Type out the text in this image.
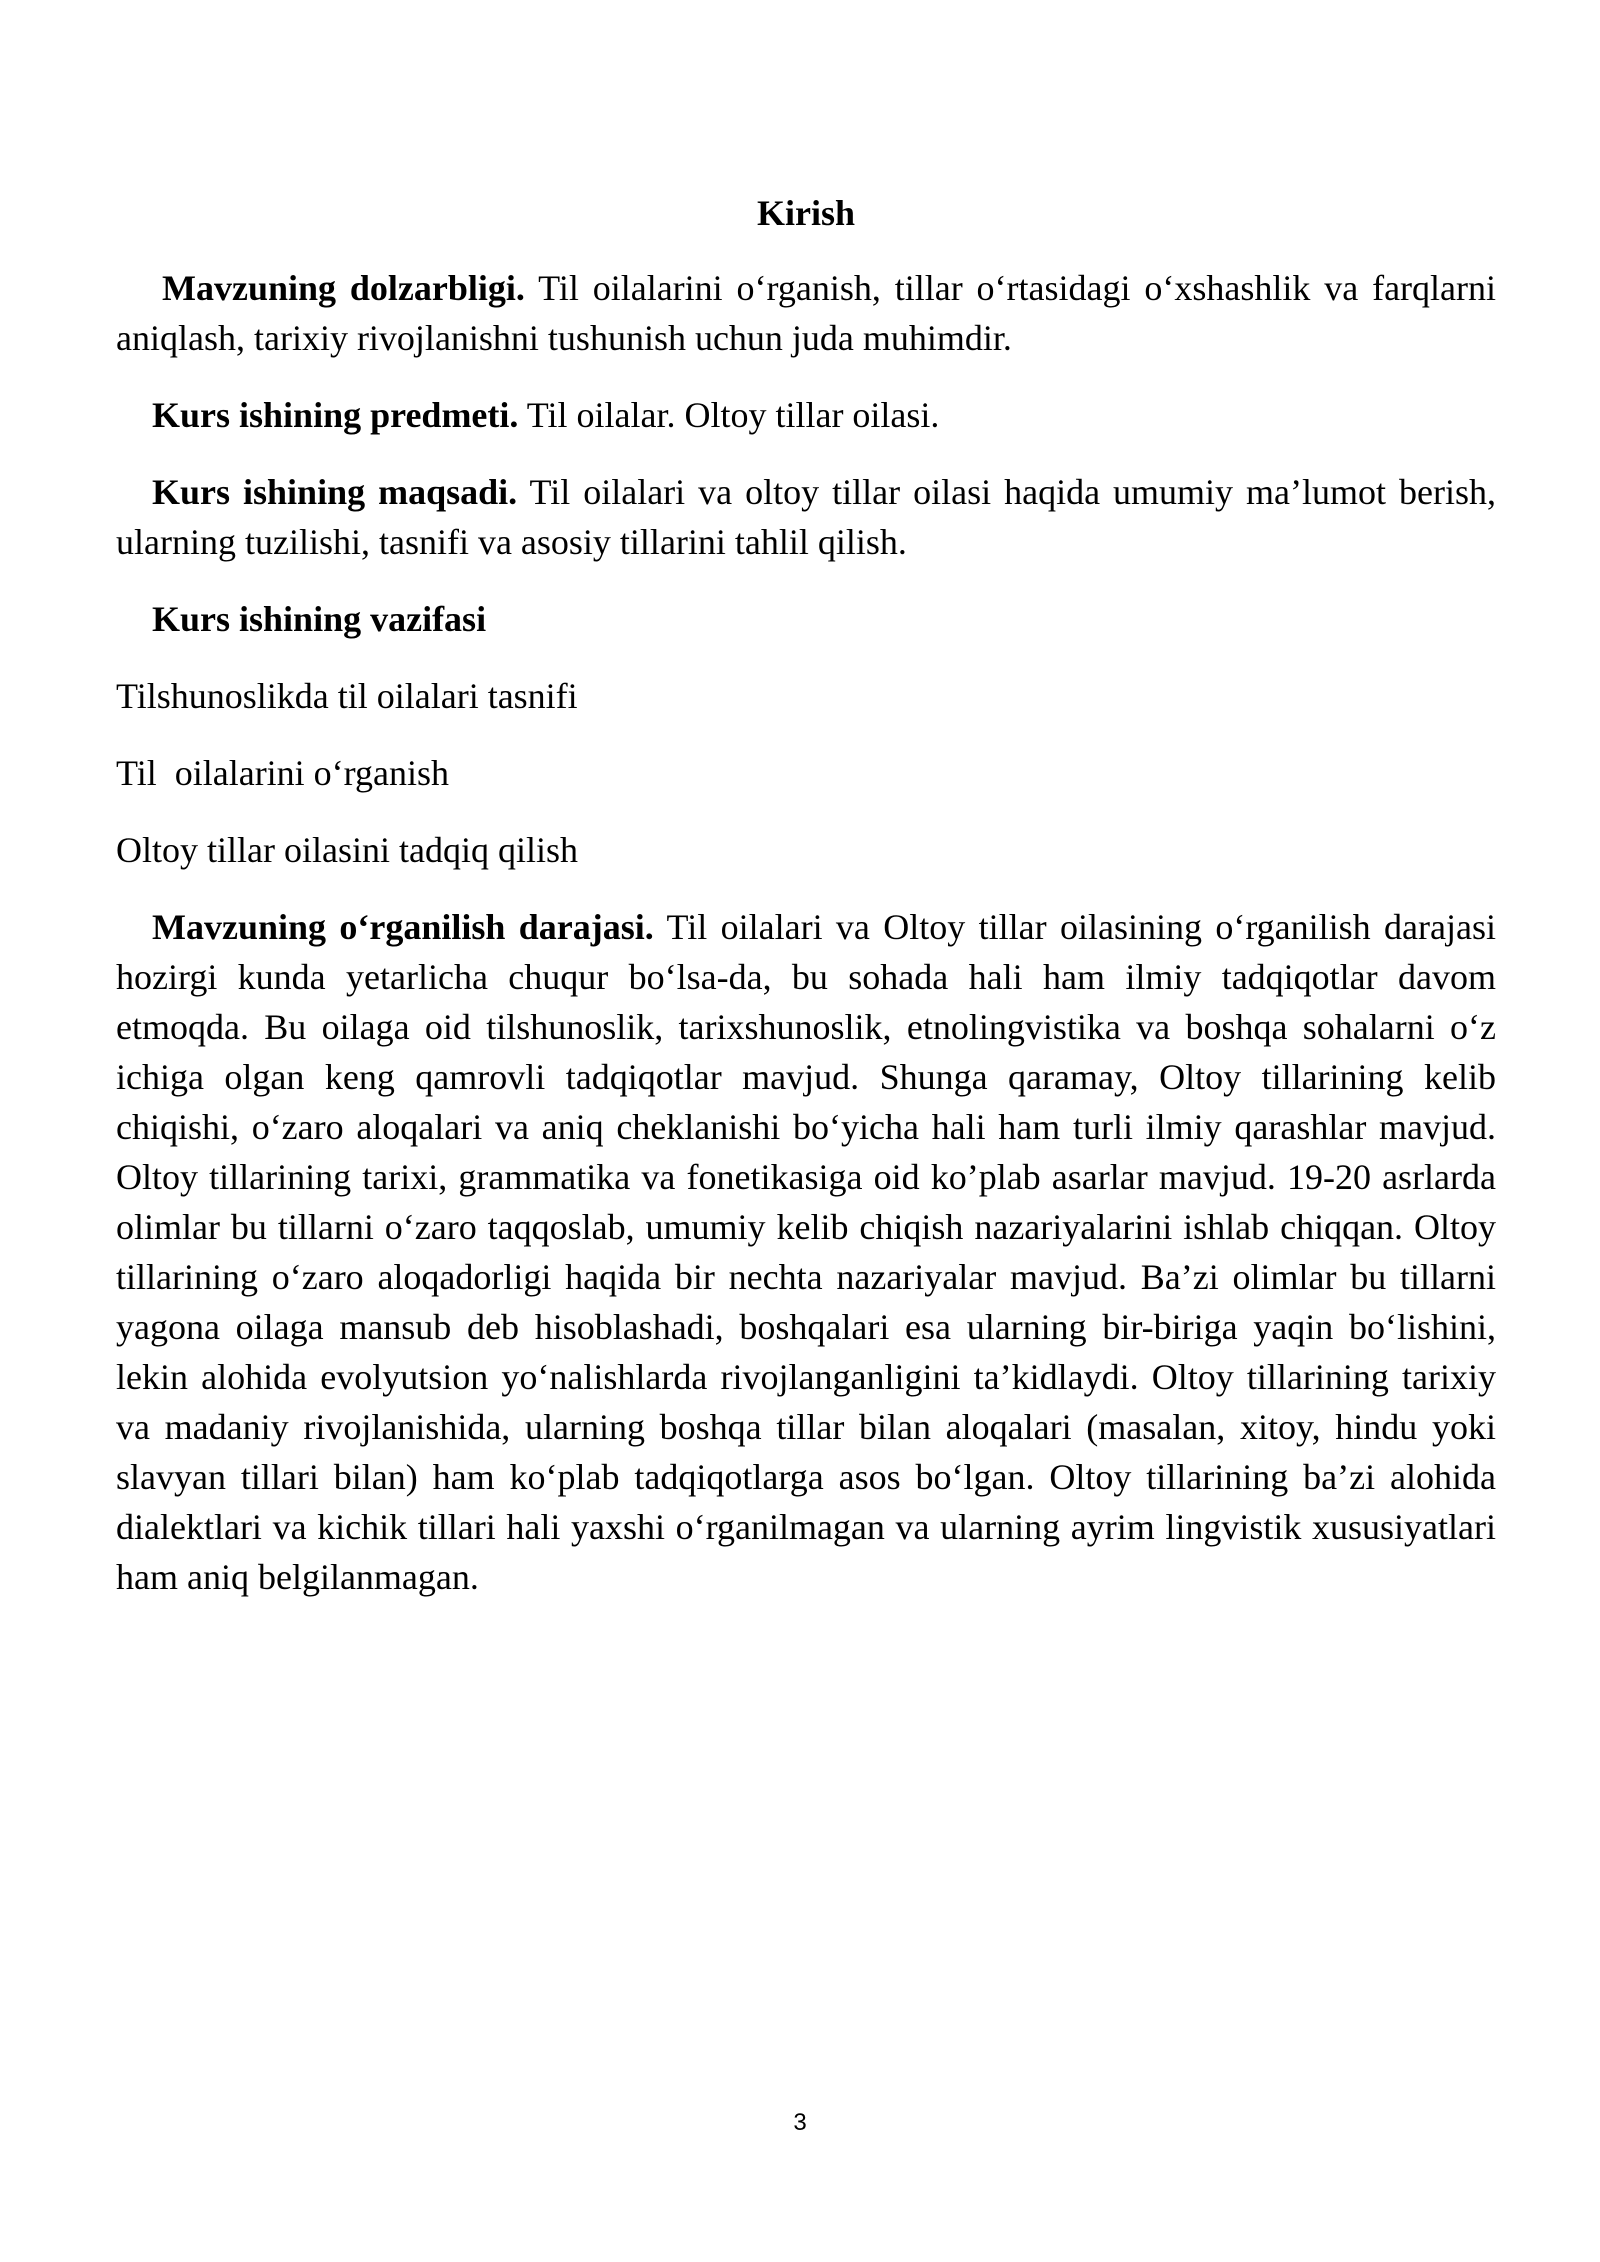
Kirish

Mavzuning dolzarbligi. Til oilalarini o‘rganish, tillar o‘rtasidagi o‘xshashlik va farqlarni aniqlash, tarixiy rivojlanishni tushunish uchun juda muhimdir.

Kurs ishining predmeti. Til oilalar. Oltoy tillar oilasi.

Kurs ishining maqsadi. Til oilalari va oltoy tillar oilasi haqida umumiy ma’lumot berish, ularning tuzilishi, tasnifi va asosiy tillarini tahlil qilish.

Kurs ishining vazifasi

Tilshunoslikda til oilalari tasnifi

Til  oilalarini o‘rganish

Oltoy tillar oilasini tadqiq qilish

Mavzuning o‘rganilish darajasi. Til oilalari va Oltoy tillar oilasining o‘rganilish darajasi hozirgi kunda yetarlicha chuqur bo‘lsa-da, bu sohada hali ham ilmiy tadqiqotlar davom etmoqda. Bu oilaga oid tilshunoslik, tarixshunoslik, etnolingvistika va boshqa sohalarni o‘z ichiga olgan keng qamrovli tadqiqotlar mavjud. Shunga qaramay, Oltoy tillarining kelib chiqishi, o‘zaro aloqalari va aniq cheklanishi bo‘yicha hali ham turli ilmiy qarashlar mavjud. Oltoy tillarining tarixi, grammatika va fonetikasiga oid ko’plab asarlar mavjud. 19-20 asrlarda olimlar bu tillarni o‘zaro taqqoslab, umumiy kelib chiqish nazariyalarini ishlab chiqqan. Oltoy tillarining o‘zaro aloqadorligi haqida bir nechta nazariyalar mavjud. Ba’zi olimlar bu tillarni yagona oilaga mansub deb hisoblashadi, boshqalari esa ularning bir-biriga yaqin bo‘lishini, lekin alohida evolyutsion yo‘nalishlarda rivojlanganligini ta’kidlaydi. Oltoy tillarining tarixiy va madaniy rivojlanishida, ularning boshqa tillar bilan aloqalari (masalan, xitoy, hindu yoki slavyan tillari bilan) ham ko‘plab tadqiqotlarga asos bo‘lgan. Oltoy tillarining ba’zi alohida dialektlari va kichik tillari hali yaxshi o‘rganilmagan va ularning ayrim lingvistik xususiyatlari ham aniq belgilanmagan.

3
